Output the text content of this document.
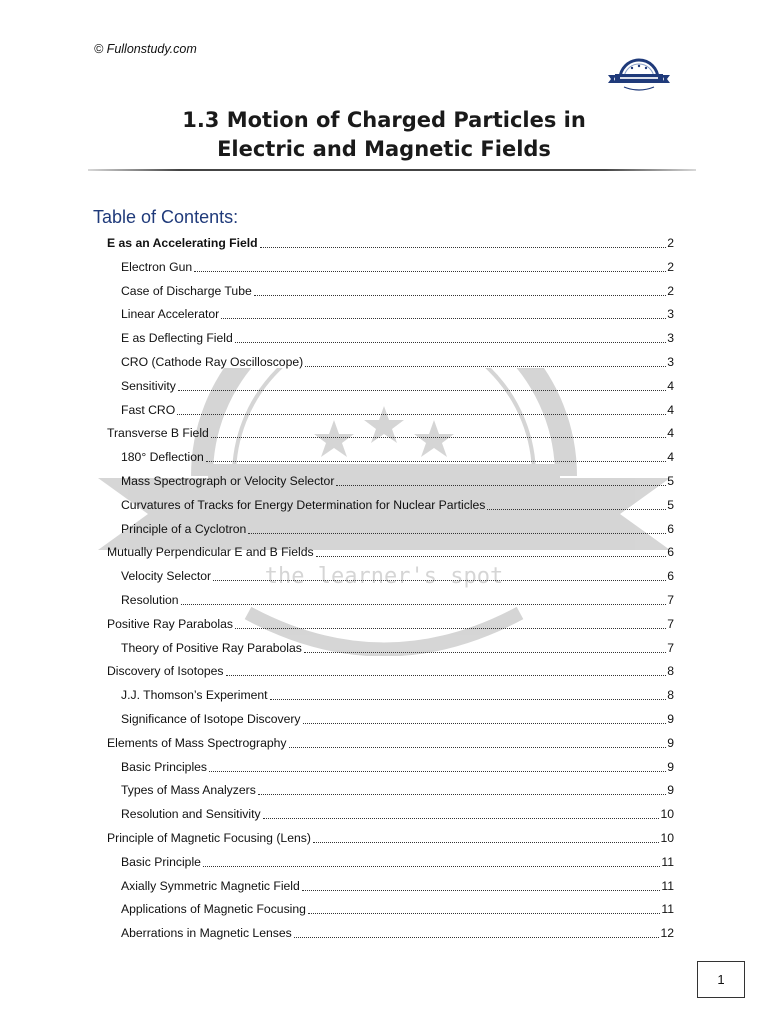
© Fullonstudy.com
1.3 Motion of Charged Particles in
Electric and Magnetic Fields
the learner's spot
Table of Contents:
E as an Accelerating Field	2
Electron Gun	2
Case of Discharge Tube	2
Linear Accelerator	3
E as Deflecting Field	3
CRO (Cathode Ray Oscilloscope)	3
Sensitivity	4
Fast CRO	4
Transverse B Field	4
180° Deflection	4
Mass Spectrograph or Velocity Selector	5
Curvatures of Tracks for Energy Determination for Nuclear Particles	5
Principle of a Cyclotron	6
Mutually Perpendicular E and B Fields	6
Velocity Selector	6
Resolution	7
Positive Ray Parabolas	7
Theory of Positive Ray Parabolas	7
Discovery of Isotopes	8
J.J. Thomson’s Experiment	8
Significance of Isotope Discovery	9
Elements of Mass Spectrography	9
Basic Principles	9
Types of Mass Analyzers	9
Resolution and Sensitivity	10
Principle of Magnetic Focusing (Lens)	10
Basic Principle	11
Axially Symmetric Magnetic Field	11
Applications of Magnetic Focusing	11
Aberrations in Magnetic Lenses	12
1
